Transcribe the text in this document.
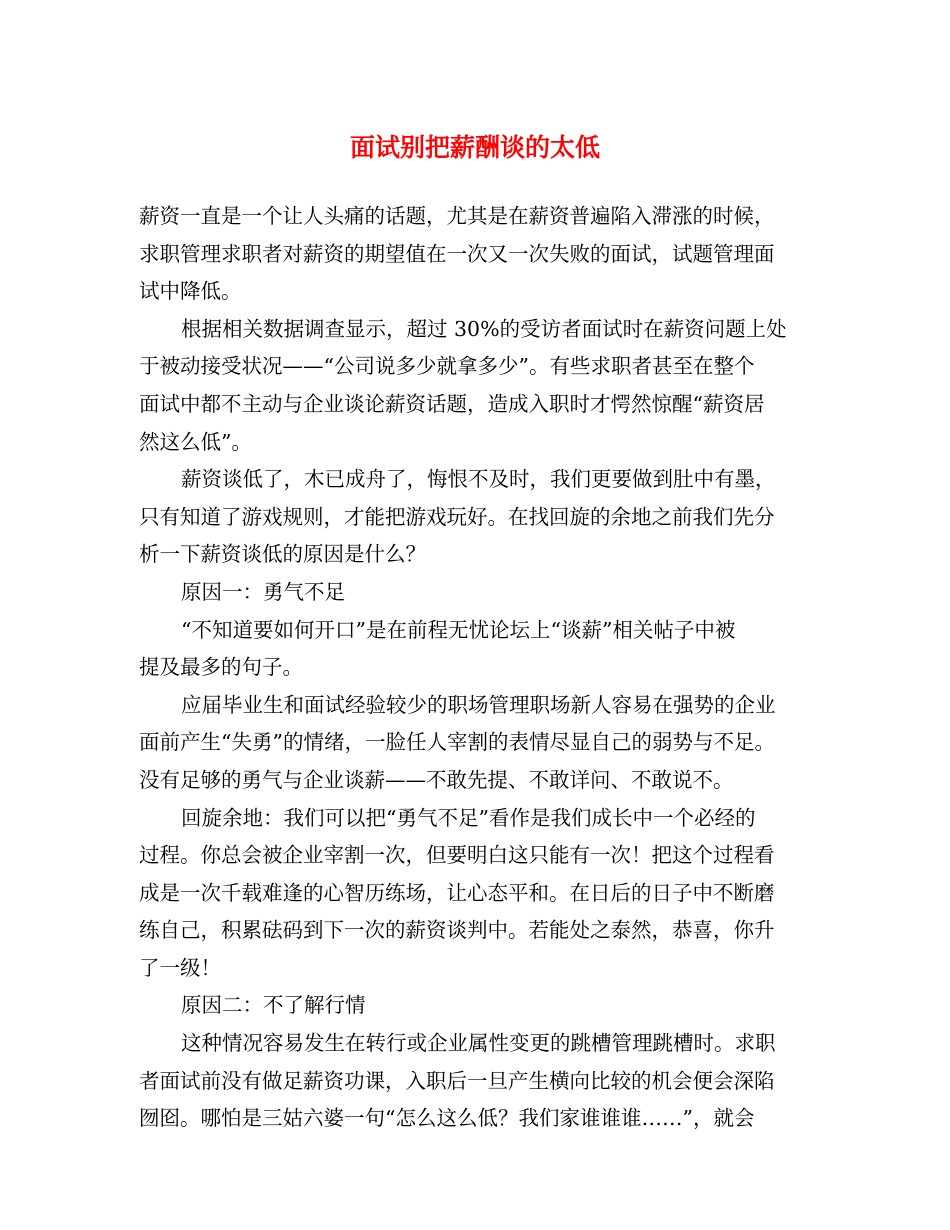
面试别把薪酬谈的太低
薪资一直是一个让人头痛的话题，尤其是在薪资普遍陷入滞涨的时候，
求职管理求职者对薪资的期望值在一次又一次失败的面试，试题管理面
试中降低。
根据相关数据调查显示，超过 30%的受访者面试时在薪资问题上处
于被动接受状况——“公司说多少就拿多少”。有些求职者甚至在整个
面试中都不主动与企业谈论薪资话题，造成入职时才愕然惊醒“薪资居
然这么低”。
薪资谈低了，木已成舟了，悔恨不及时，我们更要做到肚中有墨，
只有知道了游戏规则，才能把游戏玩好。在找回旋的余地之前我们先分
析一下薪资谈低的原因是什么？
原因一：勇气不足
“不知道要如何开口”是在前程无忧论坛上“谈薪”相关帖子中被
提及最多的句子。
应届毕业生和面试经验较少的职场管理职场新人容易在强势的企业
面前产生“失勇”的情绪，一脸任人宰割的表情尽显自己的弱势与不足。
没有足够的勇气与企业谈薪——不敢先提、不敢详问、不敢说不。
回旋余地：我们可以把“勇气不足”看作是我们成长中一个必经的
过程。你总会被企业宰割一次，但要明白这只能有一次！把这个过程看
成是一次千载难逢的心智历练场，让心态平和。在日后的日子中不断磨
练自己，积累砝码到下一次的薪资谈判中。若能处之泰然，恭喜，你升
了一级！
原因二：不了解行情
这种情况容易发生在转行或企业属性变更的跳槽管理跳槽时。求职
者面试前没有做足薪资功课，入职后一旦产生横向比较的机会便会深陷
囫囵。哪怕是三姑六婆一句“怎么这么低？我们家谁谁谁……”，就会
